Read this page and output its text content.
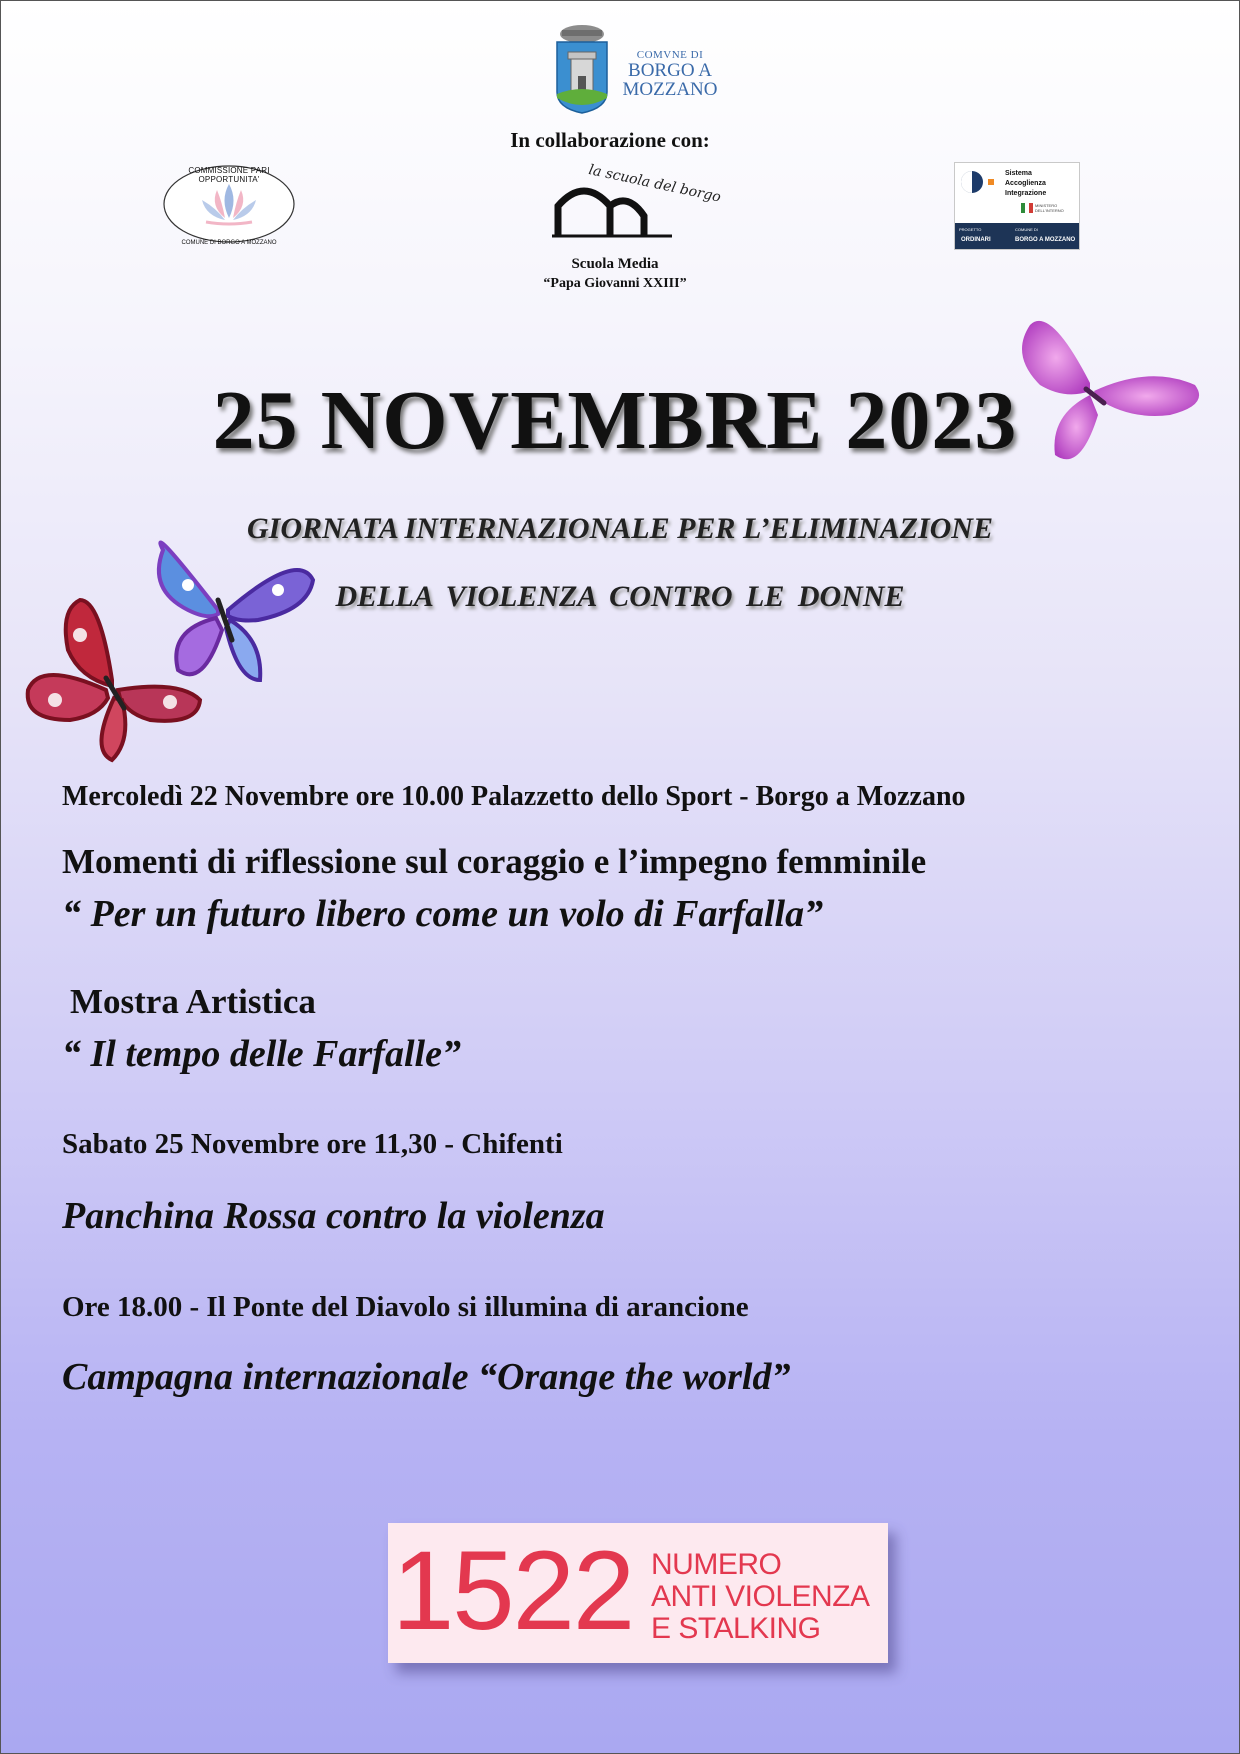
COMVNE DI
BORGO A
MOZZANO
In collaborazione con:
COMMISSIONE PARI OPPORTUNITA'
COMUNE DI BORGO A MOZZANO
la scuola del borgo
Scuola Media
“Papa Giovanni XXIII”
Sistema
Accoglienza
Integrazione
MINISTERO DELL'INTERNO
PROGETTO	COMUNE DI
ORDINARI	BORGO A MOZZANO
25 NOVEMBRE 2023
GIORNATA INTERNAZIONALE PER L’ELIMINAZIONE
DELLA VIOLENZA CONTRO LE DONNE
Mercoledì 22 Novembre ore 10.00 Palazzetto dello Sport - Borgo a Mozzano
Momenti di riflessione sul coraggio e l’impegno femminile
“ Per un futuro libero come un volo di Farfalla”
Mostra Artistica
“ Il tempo delle Farfalle”
Sabato 25 Novembre ore 11,30 - Chifenti
Panchina Rossa contro la violenza
Ore 18.00 - Il Ponte del Diavolo si illumina di arancione
Campagna internazionale “Orange the world”
1522 NUMERO
ANTI VIOLENZA
E STALKING
